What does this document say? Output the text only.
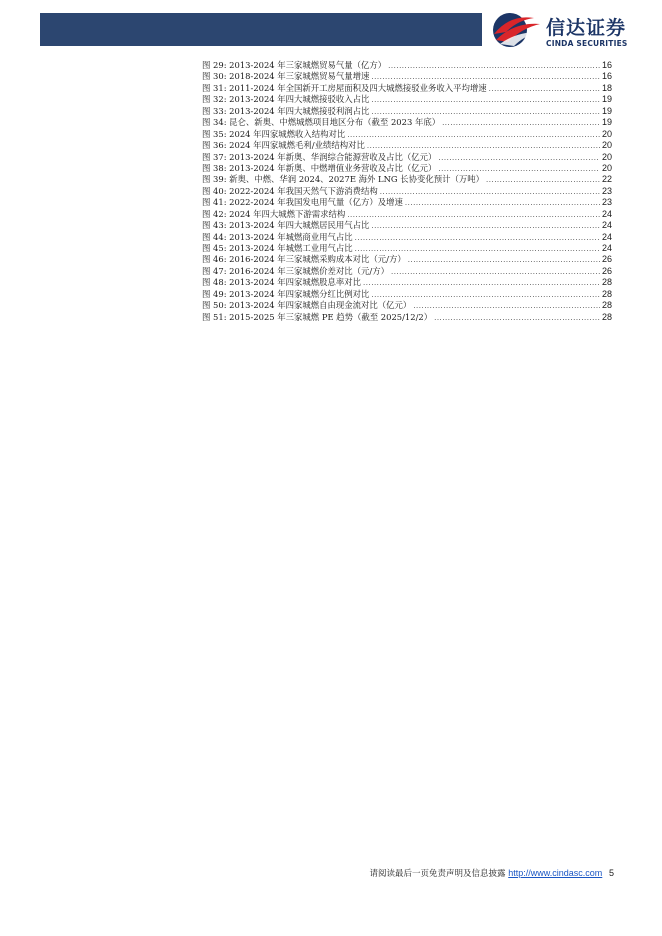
信达证券
CINDA SECURITIES
图 29: 2013-2024 年三家城燃贸易气量（亿方） .....	16
图 30: 2018-2024 年三家城燃贸易气量增速 .....	16
图 31: 2011-2024 年全国新开工房屋面积及四大城燃接驳业务收入平均增速 .....	18
图 32: 2013-2024 年四大城燃接驳收入占比 .....	19
图 33: 2013-2024 年四大城燃接驳利润占比 .....	19
图 34: 昆仑、新奥、中燃城燃项目地区分布（截至 2023 年底） .....	19
图 35: 2024 年四家城燃收入结构对比 .....	20
图 36: 2024 年四家城燃毛利/业绩结构对比 .....	20
图 37: 2013-2024 年新奥、华润综合能源营收及占比（亿元） .....	20
图 38: 2013-2024 年新奥、中燃增值业务营收及占比（亿元） .....	20
图 39: 新奥、中燃、华润 2024、2027E 海外 LNG 长协变化预计（万吨） .....	22
图 40: 2022-2024 年我国天然气下游消费结构 .....	23
图 41: 2022-2024 年我国发电用气量（亿方）及增速 .....	23
图 42: 2024 年四大城燃下游需求结构 .....	24
图 43: 2013-2024 年四大城燃居民用气占比 .....	24
图 44: 2013-2024 年城燃商业用气占比 .....	24
图 45: 2013-2024 年城燃工业用气占比 .....	24
图 46: 2016-2024 年三家城燃采购成本对比（元/方） .....	26
图 47: 2016-2024 年三家城燃价差对比（元/方） .....	26
图 48: 2013-2024 年四家城燃股息率对比 .....	28
图 49: 2013-2024 年四家城燃分红比例对比 .....	28
图 50: 2013-2024 年四家城燃自由现金流对比（亿元） .....	28
图 51: 2015-2025 年三家城燃 PE 趋势（截至 2025/12/2） .....	28
请阅读最后一页免责声明及信息披露 http://www.cindasc.com 5
